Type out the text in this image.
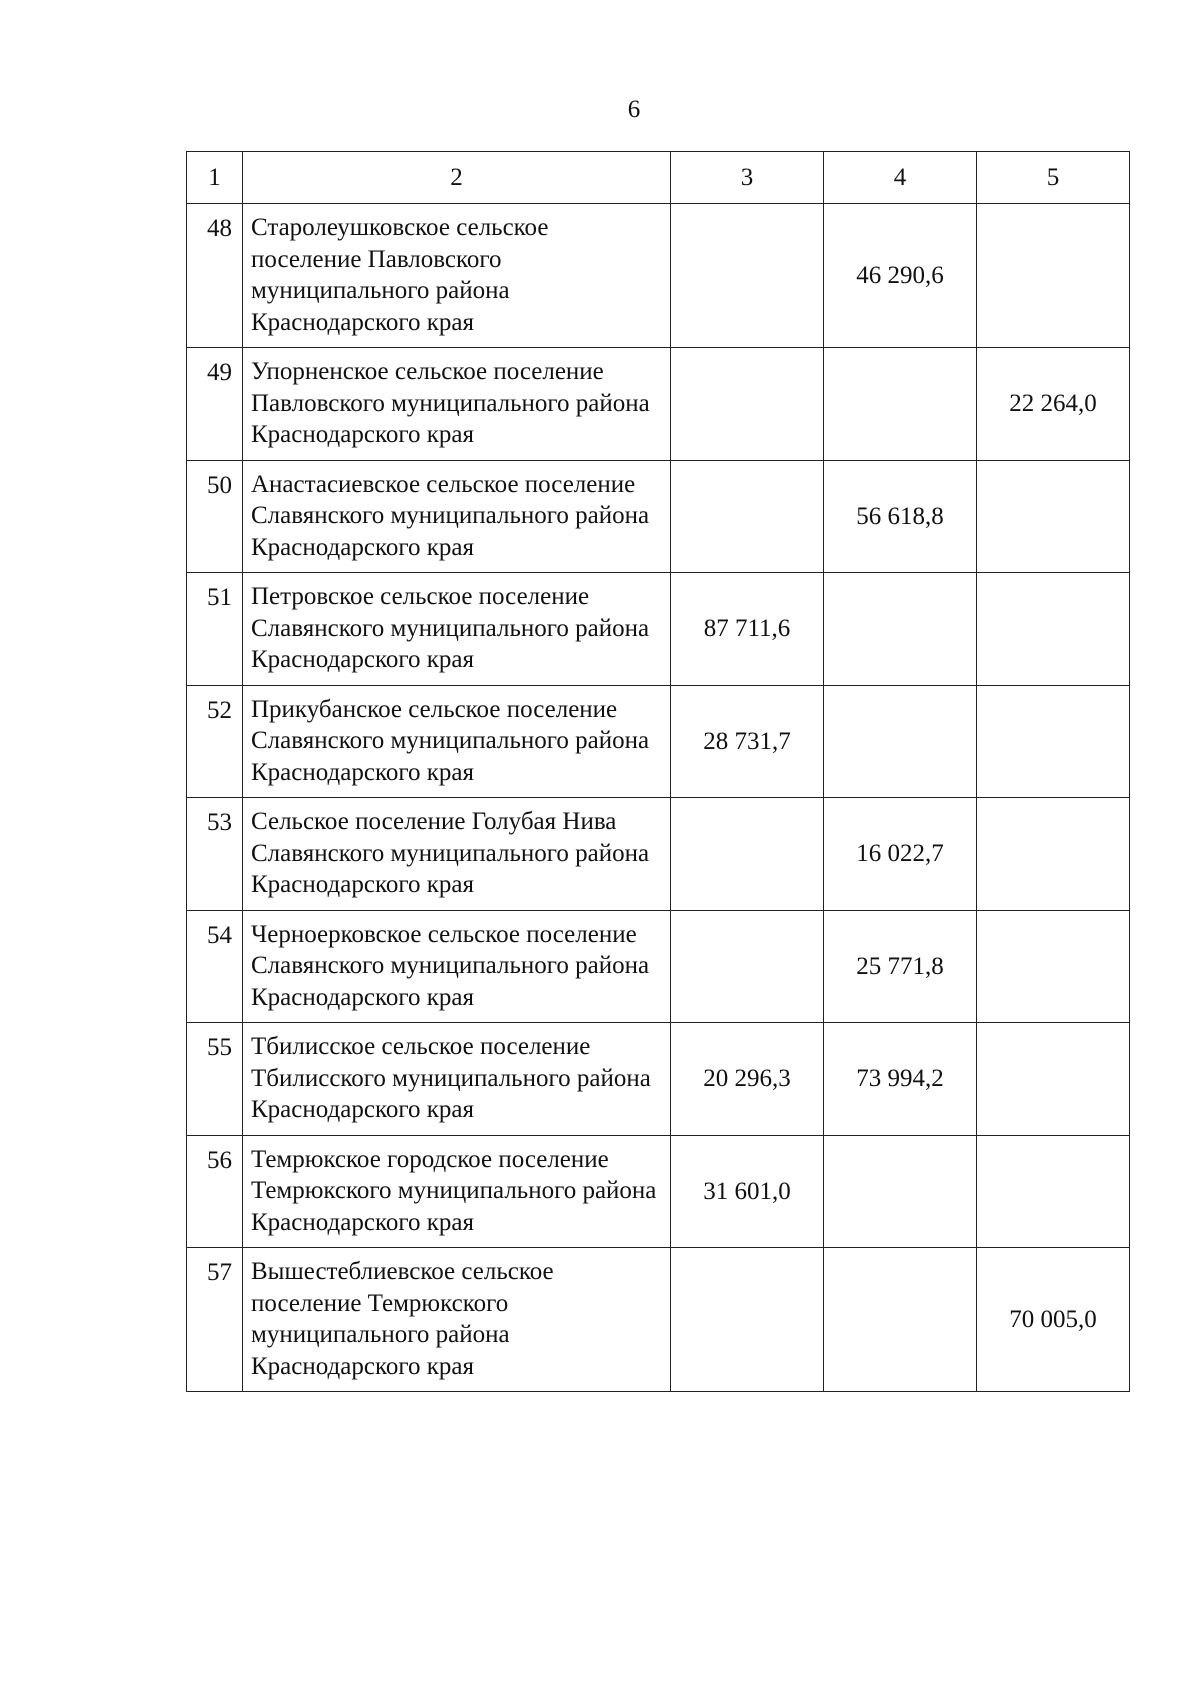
6
1	2	3	4	5
48	Старолеушковское сельское поселение Павловского муниципального района Краснодарского края		46 290,6	
49	Упорненское сельское поселение Павловского муниципального района Краснодарского края			22 264,0
50	Анастасиевское сельское поселение Славянского муниципального района Краснодарского края		56 618,8	
51	Петровское сельское поселение Славянского муниципального района Краснодарского края	87 711,6		
52	Прикубанское сельское поселение Славянского муниципального района Краснодарского края	28 731,7		
53	Сельское поселение Голубая Нива Славянского муниципального района Краснодарского края		16 022,7	
54	Черноерковское сельское поселение Славянского муниципального района Краснодарского края		25 771,8	
55	Тбилисское сельское поселение Тбилисского муниципального района Краснодарского края	20 296,3	73 994,2	
56	Темрюкское городское поселение Темрюкского муниципального района Краснодарского края	31 601,0		
57	Вышестеблиевское сельское поселение Темрюкского муниципального района Краснодарского края			70 005,0
